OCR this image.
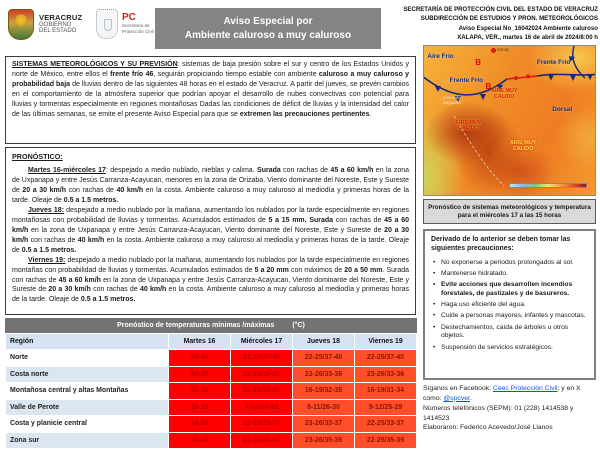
VERACRUZ
GOBIERNO
DEL ESTADO
PC
Secretaría de
Protección Civil
Aviso Especial por
Ambiente caluroso a muy caluroso
SECRETARÍA DE PROTECCIÓN CIVIL DEL ESTADO DE VERACRUZ
SUBDIRECCIÓN DE ESTUDIOS Y PRON. METEOROLÓGICOS
Aviso Especial No_16042024 Ambiente caluroso
XALAPA, VER., martes 16 de abril de 2024/8:00 h

SISTEMAS METEOROLÓGICOS Y SU PREVISIÓN: sistemas de baja presión sobre el sur y centro de los Estados Unidos y norte de México, entre ellos el frente frío 46, seguirán propiciando tiempo estable con ambiente caluroso a muy caluroso y probabilidad baja de lluvias dentro de las siguientes 48 horas en el estado de Veracruz. A partir del jueves, se prevén cambios en el comportamiento de la atmósfera superior que podrían apoyar el desarrollo de nubes convectivas con potencial para lluvias y tormentas especialmente en regiones montañosas Dadas las condiciones de déficit de lluvias y la intensidad del calor de las últimas semanas, se emite el presente Aviso Especial para que se extremen las precauciones pertinentes.

PRONÓSTICO:

Martes 16-miércoles 17: despejado a medio nublado, nieblas y calima. Surada con rachas de 45 a 60 km/h en la zona de Uxpanapa y entre Jesús Carranza-Acayucan, menores en la zona de Orizaba. Viento dominante del Noreste, Este y Sureste de 20 a 30 km/h con rachas de 40 km/h en la costa. Ambiente caluroso a muy caluroso al mediodía y primeras horas de la tarde. Oleaje de 0.5 a 1.5 metros.

Jueves 18: despejado a medio nublado por la mañana, aumentando los nublados por la tarde especialmente en regiones montañosas con probabilidad de lluvias y tormentas. Acumulados estimados de 5 a 15 mm. Surada con rachas de 45 a 60 km/h en la zona de Uxpanapa y entre Jesús Carranza-Acayucan, Viento dominante del Noreste, Este y Sureste de 20 a 30 km/h con rachas de 40 km/h en la costa. Ambiente caluroso a muy caluroso al mediodía y primeras horas de la tarde. Oleaje de 0.5 a 1.5 metros.

Viernes 19: despejado a medio nublado por la mañana, aumentando los nublados por la tarde especialmente en regiones montañas con probabilidad de lluvias y tormentas. Acumulados estimados de 5 a 20 mm con máximos de 20 a 50 mm. Surada con rachas de 45 a 60 km/h en la zona de Uxpanapa y entre Jesús Carranza-Acayucan, Viento dominante del Noreste, Este y Sureste de 20 a 30 km/h con rachas de 40 km/h en la costa. Ambiente caluroso a muy caluroso al mediodía y primeras horas de la tarde. Oleaje de 0.5 a 1.5 metros.

Pronóstico de temperaturas mínimas /máximas	(°C)
Región	Martes 16	Miércoles 17	Jueves 18	Viernes 19
Norte	37-40	21-24/37-40	22-25/37-40	22-25/37-40
Costa norte	34-37	22-25/35-38	23-26/33-36	23-26/33-36
Montañosa central y altas Montañas	33-36	15-18/33-36	16-19/32-35	16-19/31-34
Valle de Perote	29-33	7-10/27-31	8-11/26-30	9-12/25-29
Costa y planicie central	34-38	22-25/33-37	23-26/33-37	22-25/33-37
Zona sur	36-40	23-26/36-40	23-26/35-39	22-25/35-39
Aire Frío
Frente Frío
Frente Frío
Línea de Vaguada
AIRE MUY CÁLIDO
AIRE MUY CÁLIDO
AIRE MUY CÁLIDO
Dorsal
B
B
Windy
Pronóstico de sistemas meteorológicos y temperatura para el miércoles 17 a las 15 horas
Derivado de lo anterior se deben tomar las siguientes precauciones:
• No exponerse a periodos prolongados al sol.
• Mantenerse hidratado.
• Evite acciones que desarrollen incendios forestales, de pastizales y de basureros.
• Haga uso eficiente del agua.
• Cuide a personas mayores, infantes y mascotas.
• Destechamientos, caída de árboles u otros objetos.
• Suspensión de servicios estratégicos.
Síganos en Facebook: Ceec Protección Civil; y en X como: @spcver.
Números telefónicos (SEPM): 01 (228) 1414538 y 1414523
Elaboraron: Federico Acevedo/José Llanos
